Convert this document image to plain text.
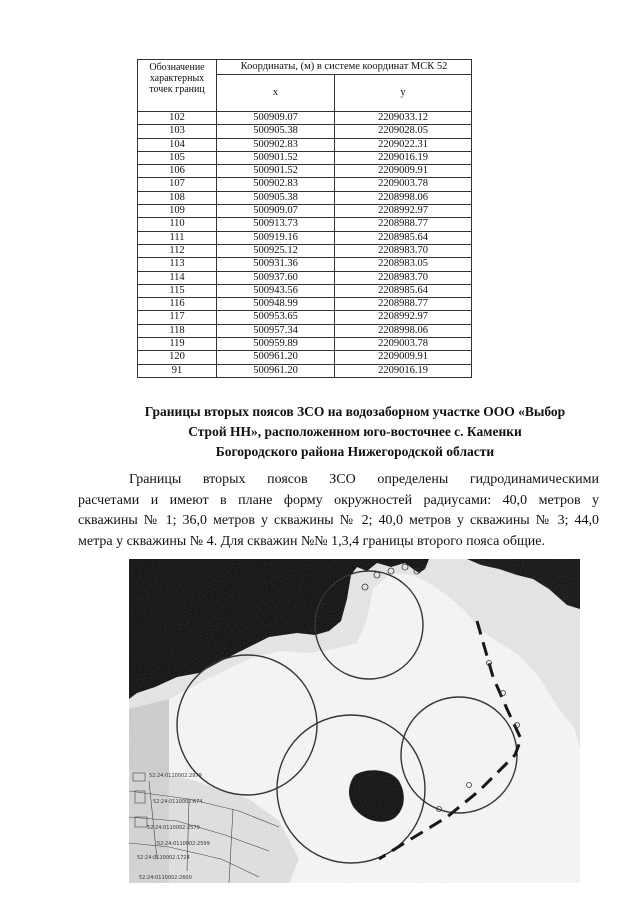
Обозначение характерных точек границ	Координаты, (м) в системе координат МСК 52	
	x	y
102	500909.07	2209033.12
103	500905.38	2209028.05
104	500902.83	2209022.31
105	500901.52	2209016.19
106	500901.52	2209009.91
107	500902.83	2209003.78
108	500905.38	2208998.06
109	500909.07	2208992.97
110	500913.73	2208988.77
111	500919.16	2208985.64
112	500925.12	2208983.70
113	500931.36	2208983.05
114	500937.60	2208983.70
115	500943.56	2208985.64
116	500948.99	2208988.77
117	500953.65	2208992.97
118	500957.34	2208998.06
119	500959.89	2209003.78
120	500961.20	2209009.91
91	500961.20	2209016.19
Границы вторых поясов ЗСО на водозаборном участке ООО «Выбор
Строй НН», расположенном юго-восточнее с. Каменки
Богородского района Нижегородской области
Границы вторых поясов ЗСО определены гидродинамическими
расчетами и имеют в плане форму окружностей радиусами: 40,0 метров у
скважины № 1; 36,0 метров у скважины № 2; 40,0 метров у скважины № 3; 44,0
метра у скважины № 4. Для скважин №№ 1,3,4 границы второго пояса общие.
